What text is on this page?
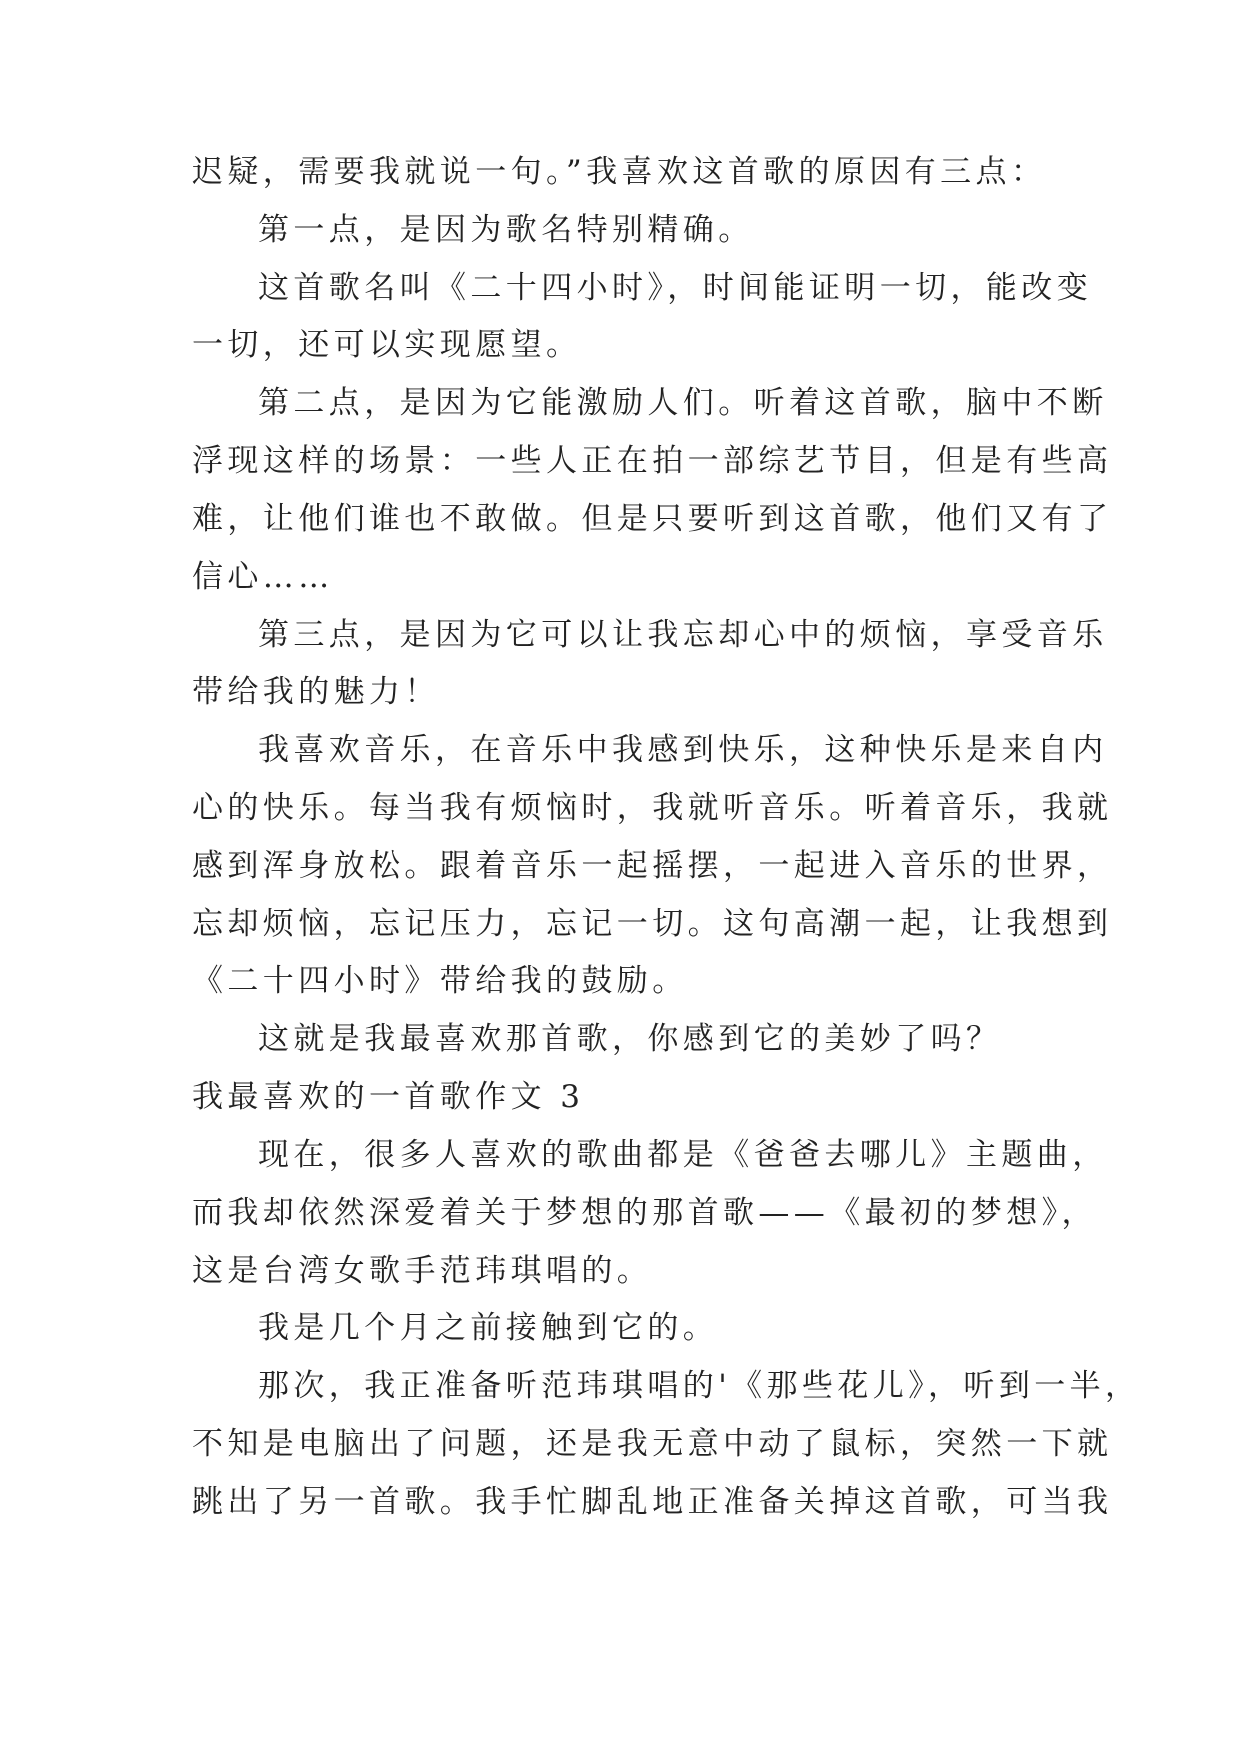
迟疑，需要我就说一句。”我喜欢这首歌的原因有三点：
第一点，是因为歌名特别精确。
这首歌名叫《二十四小时》，时间能证明一切，能改变
一切，还可以实现愿望。
第二点，是因为它能激励人们。听着这首歌，脑中不断
浮现这样的场景：一些人正在拍一部综艺节目，但是有些高
难，让他们谁也不敢做。但是只要听到这首歌，他们又有了
信心……
第三点，是因为它可以让我忘却心中的烦恼，享受音乐
带给我的魅力！
我喜欢音乐，在音乐中我感到快乐，这种快乐是来自内
心的快乐。每当我有烦恼时，我就听音乐。听着音乐，我就
感到浑身放松。跟着音乐一起摇摆，一起进入音乐的世界，
忘却烦恼，忘记压力，忘记一切。这句高潮一起，让我想到
《二十四小时》带给我的鼓励。
这就是我最喜欢那首歌，你感到它的美妙了吗？
我最喜欢的一首歌作文 3
现在，很多人喜欢的歌曲都是《爸爸去哪儿》主题曲，
而我却依然深爱着关于梦想的那首歌——《最初的梦想》，
这是台湾女歌手范玮琪唱的。
我是几个月之前接触到它的。
那次，我正准备听范玮琪唱的'《那些花儿》，听到一半，
不知是电脑出了问题，还是我无意中动了鼠标，突然一下就
跳出了另一首歌。我手忙脚乱地正准备关掉这首歌，可当我
